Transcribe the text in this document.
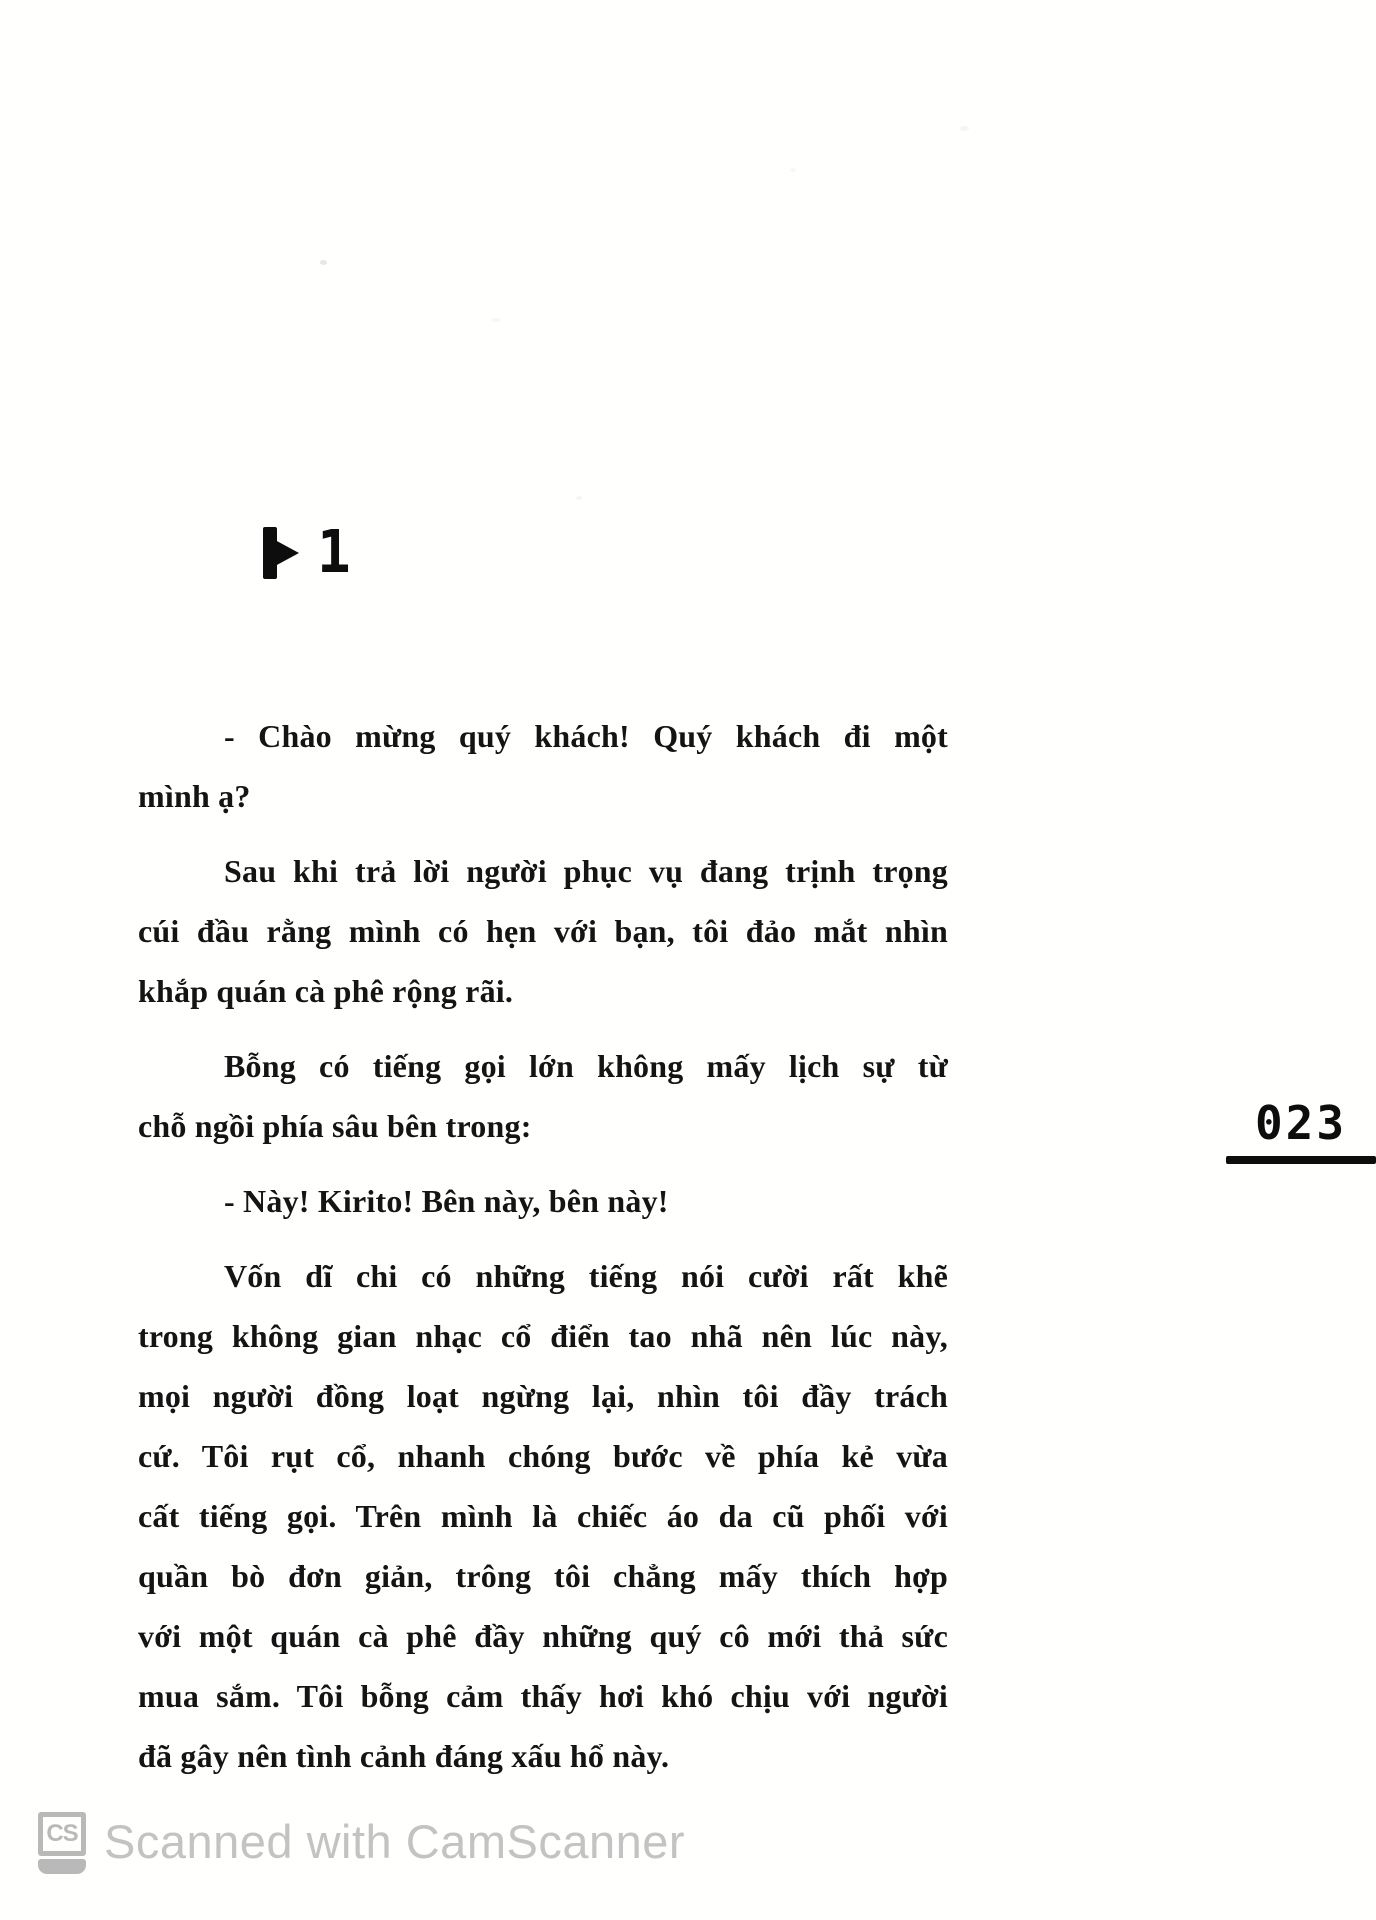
1
- Chào mừng quý khách! Quý khách đi một
mình ạ?
Sau khi trả lời người phục vụ đang trịnh trọng
cúi đầu rằng mình có hẹn với bạn, tôi đảo mắt nhìn
khắp quán cà phê rộng rãi.
Bỗng có tiếng gọi lớn không mấy lịch sự từ
chỗ ngồi phía sâu bên trong:
- Này! Kirito! Bên này, bên này!
Vốn dĩ chi có những tiếng nói cười rất khẽ
trong không gian nhạc cổ điển tao nhã nên lúc này,
mọi người đồng loạt ngừng lại, nhìn tôi đầy trách
cứ. Tôi rụt cổ, nhanh chóng bước về phía kẻ vừa
cất tiếng gọi. Trên mình là chiếc áo da cũ phối với
quần bò đơn giản, trông tôi chẳng mấy thích hợp
với một quán cà phê đầy những quý cô mới thả sức
mua sắm. Tôi bỗng cảm thấy hơi khó chịu với người
đã gây nên tình cảnh đáng xấu hổ này.
023
CS Scanned with CamScanner
